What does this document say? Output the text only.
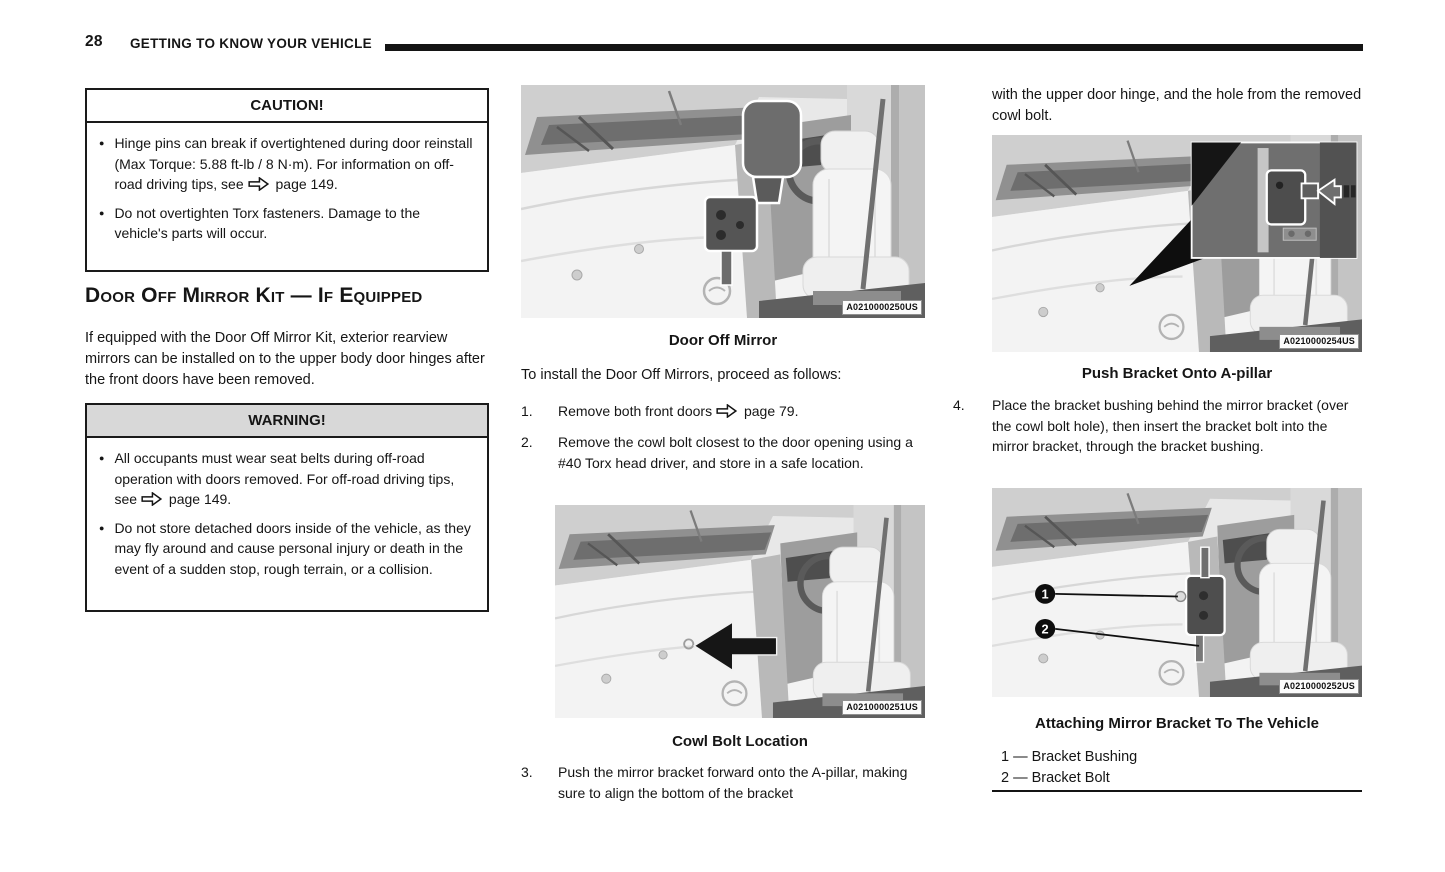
28 GETTING TO KNOW YOUR VEHICLE
CAUTION!
● Hinge pins can break if overtightened during door reinstall (Max Torque: 5.88 ft-lb / 8 N·m). For information on off-road driving tips, see page 149.
● Do not overtighten Torx fasteners. Damage to the vehicle's parts will occur.
Door Off Mirror Kit — If Equipped
If equipped with the Door Off Mirror Kit, exterior rearview mirrors can be installed on to the upper body door hinges after the front doors have been removed.
WARNING!
● All occupants must wear seat belts during off-road operation with doors removed. For off-road driving tips, see page 149.
● Do not store detached doors inside of the vehicle, as they may fly around and cause personal injury or death in the event of a sudden stop, rough terrain, or a collision.
A0210000250US
Door Off Mirror
To install the Door Off Mirrors, proceed as follows:
1.	Remove both front doors page 79.
2.	Remove the cowl bolt closest to the door opening using a #40 Torx head driver, and store in a safe location.
A0210000251US
Cowl Bolt Location
3.	Push the mirror bracket forward onto the A-pillar, making sure to align the bottom of the bracket
with the upper door hinge, and the hole from the removed cowl bolt.
A0210000254US
Push Bracket Onto A-pillar
4.	Place the bracket bushing behind the mirror bracket (over the cowl bolt hole), then insert the bracket bolt into the mirror bracket, through the bracket bushing.
1
2
A0210000252US
Attaching Mirror Bracket To The Vehicle
1 — Bracket Bushing
2 — Bracket Bolt
